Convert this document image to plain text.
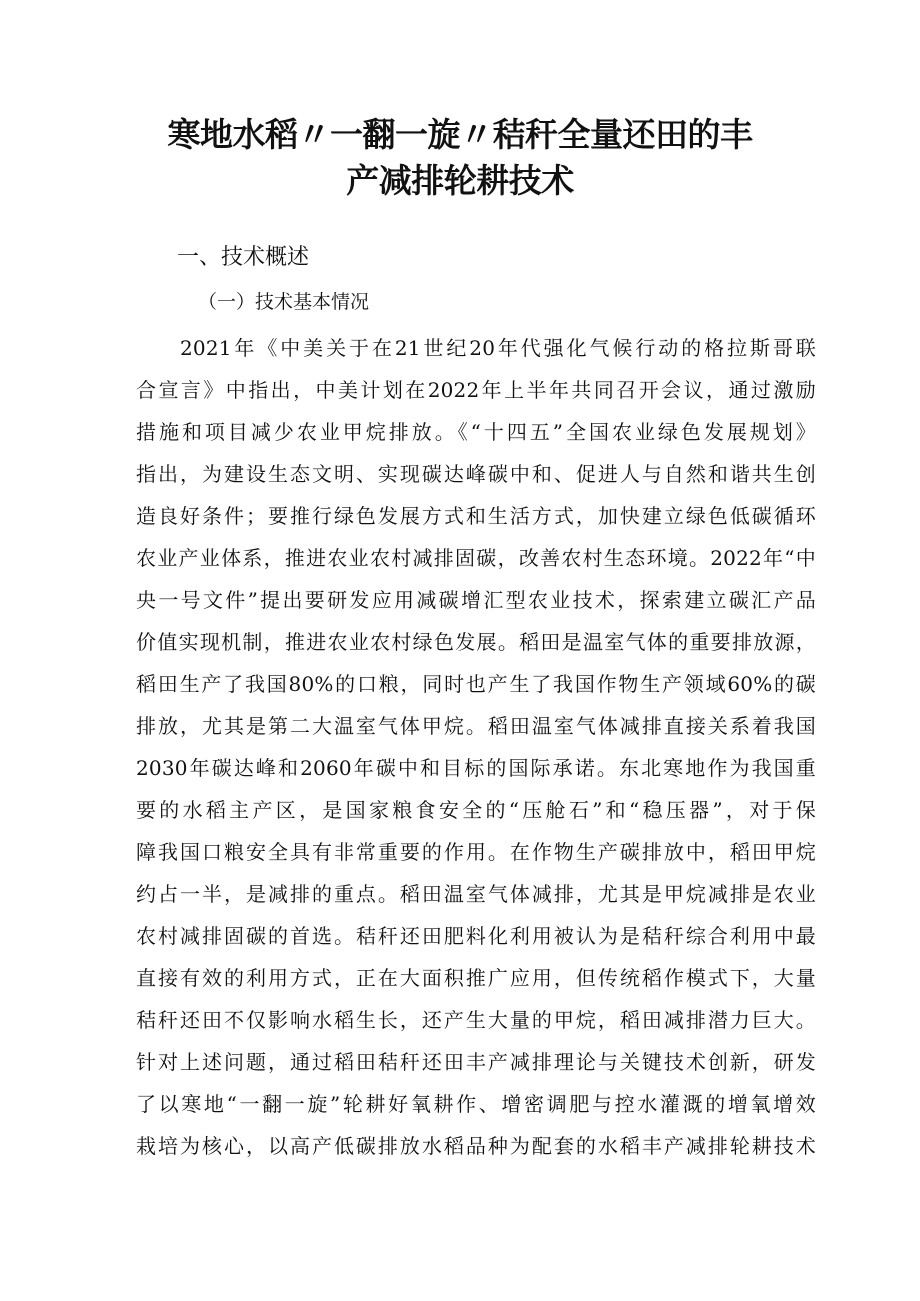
寒地水稻〃一翻一旋〃秸秆全量还田的丰
产减排轮耕技术
一、技术概述
（一）技术基本情况
2021年《中美关于在21世纪20年代强化气候行动的格拉斯哥联
合宣言》中指出，中美计划在2022年上半年共同召开会议，通过激励
措施和项目减少农业甲烷排放。《“十四五”全国农业绿色发展规划》
指出，为建设生态文明、实现碳达峰碳中和、促进人与自然和谐共生创
造良好条件；要推行绿色发展方式和生活方式，加快建立绿色低碳循环
农业产业体系，推进农业农村减排固碳，改善农村生态环境。2022年“中
央一号文件”提出要研发应用减碳增汇型农业技术，探索建立碳汇产品
价值实现机制，推进农业农村绿色发展。稻田是温室气体的重要排放源，
稻田生产了我国80%的口粮，同时也产生了我国作物生产领域60%的碳
排放，尤其是第二大温室气体甲烷。稻田温室气体减排直接关系着我国
2030年碳达峰和2060年碳中和目标的国际承诺。东北寒地作为我国重
要的水稻主产区，是国家粮食安全的“压舱石”和“稳压器”，对于保
障我国口粮安全具有非常重要的作用。在作物生产碳排放中，稻田甲烷
约占一半，是减排的重点。稻田温室气体减排，尤其是甲烷减排是农业
农村减排固碳的首选。秸秆还田肥料化利用被认为是秸秆综合利用中最
直接有效的利用方式，正在大面积推广应用，但传统稻作模式下，大量
秸秆还田不仅影响水稻生长，还产生大量的甲烷，稻田减排潜力巨大。
针对上述问题，通过稻田秸秆还田丰产减排理论与关键技术创新，研发
了以寒地“一翻一旋”轮耕好氧耕作、增密调肥与控水灌溉的增氧增效
栽培为核心，以高产低碳排放水稻品种为配套的水稻丰产减排轮耕技术
